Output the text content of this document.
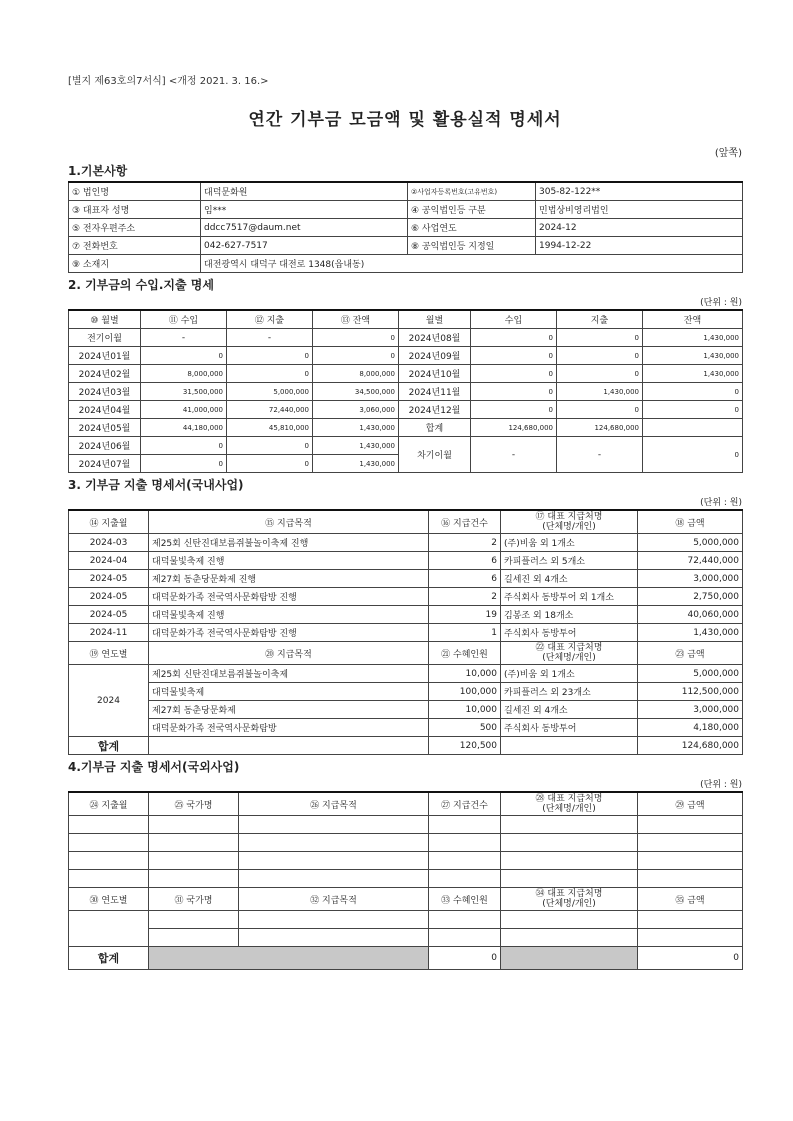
[별지 제63호의7서식] <개정 2021. 3. 16.>
연간 기부금 모금액 및 활용실적 명세서
(앞쪽)
1.기본사항
① 법인명	대덕문화원	②사업자등록번호(고유번호)	305-82-122**
③ 대표자 성명	임***	④ 공익법인등 구분	민법상비영리법인
⑤ 전자우편주소	ddcc7517@daum.net	⑥ 사업연도	2024-12
⑦ 전화번호	042-627-7517	⑧ 공익법인등 지정일	1994-12-22
⑨ 소재지	대전광역시 대덕구 대전로 1348(읍내동)		
2. 기부금의 수입.지출 명세
(단위 : 원)
⑩ 월별	⑪ 수입	⑫ 지출	⑬ 잔액	월별	수입	지출	잔액
전기이월	-	-	0	2024년08월	0	0	1,430,000
2024년01월	0	0	0	2024년09월	0	0	1,430,000
2024년02월	8,000,000	0	8,000,000	2024년10월	0	0	1,430,000
2024년03월	31,500,000	5,000,000	34,500,000	2024년11월	0	1,430,000	0
2024년04월	41,000,000	72,440,000	3,060,000	2024년12월	0	0	0
2024년05월	44,180,000	45,810,000	1,430,000	합계	124,680,000	124,680,000	
2024년06월	0	0	1,430,000	차기이월	-	-	0
2024년07월	0	0	1,430,000				
3. 기부금 지출 명세서(국내사업)
(단위 : 원)
⑭ 지출월	⑮ 지급목적	⑯ 지급건수	⑰ 대표 지급처명
(단체명/개인)	⑱ 금액
2024-03	제25회 신탄진대보름쥐불놀이축제 진행	2	(주)비움 외 1개소	5,000,000
2024-04	대덕물빛축제 진행	6	카피플러스 외 5개소	72,440,000
2024-05	제27회 동춘당문화제 진행	6	길세진 외 4개소	3,000,000
2024-05	대덕문화가족 전국역사문화탐방 진행	2	주식회사 동방투어 외 1개소	2,750,000
2024-05	대덕물빛축제 진행	19	김봉조 외 18개소	40,060,000
2024-11	대덕문화가족 전국역사문화탐방 진행	1	주식회사 동방투어	1,430,000
⑲ 연도별	⑳ 지급목적	㉑ 수혜인원	㉒ 대표 지급처명
(단체명/개인)	㉓ 금액
2024	제25회 신탄진대보름쥐불놀이축제	10,000	(주)비움 외 1개소	5,000,000
	대덕물빛축제	100,000	카피플러스 외 23개소	112,500,000
	제27회 동춘당문화제	10,000	길세진 외 4개소	3,000,000
	대덕문화가족 전국역사문화탐방	500	주식회사 동방투어	4,180,000
합계		120,500		124,680,000
4.기부금 지출 명세서(국외사업)
(단위 : 원)
㉔ 지출월	㉕ 국가명	㉖ 지급목적	㉗ 지급건수	㉘ 대표 지급처명
(단체명/개인)	㉙ 금액

㉚ 연도별	㉛ 국가명	㉜ 지급목적	㉝ 수혜인원	㉞ 대표 지급처명
(단체명/개인)	㉟ 금액

합계			0		0
